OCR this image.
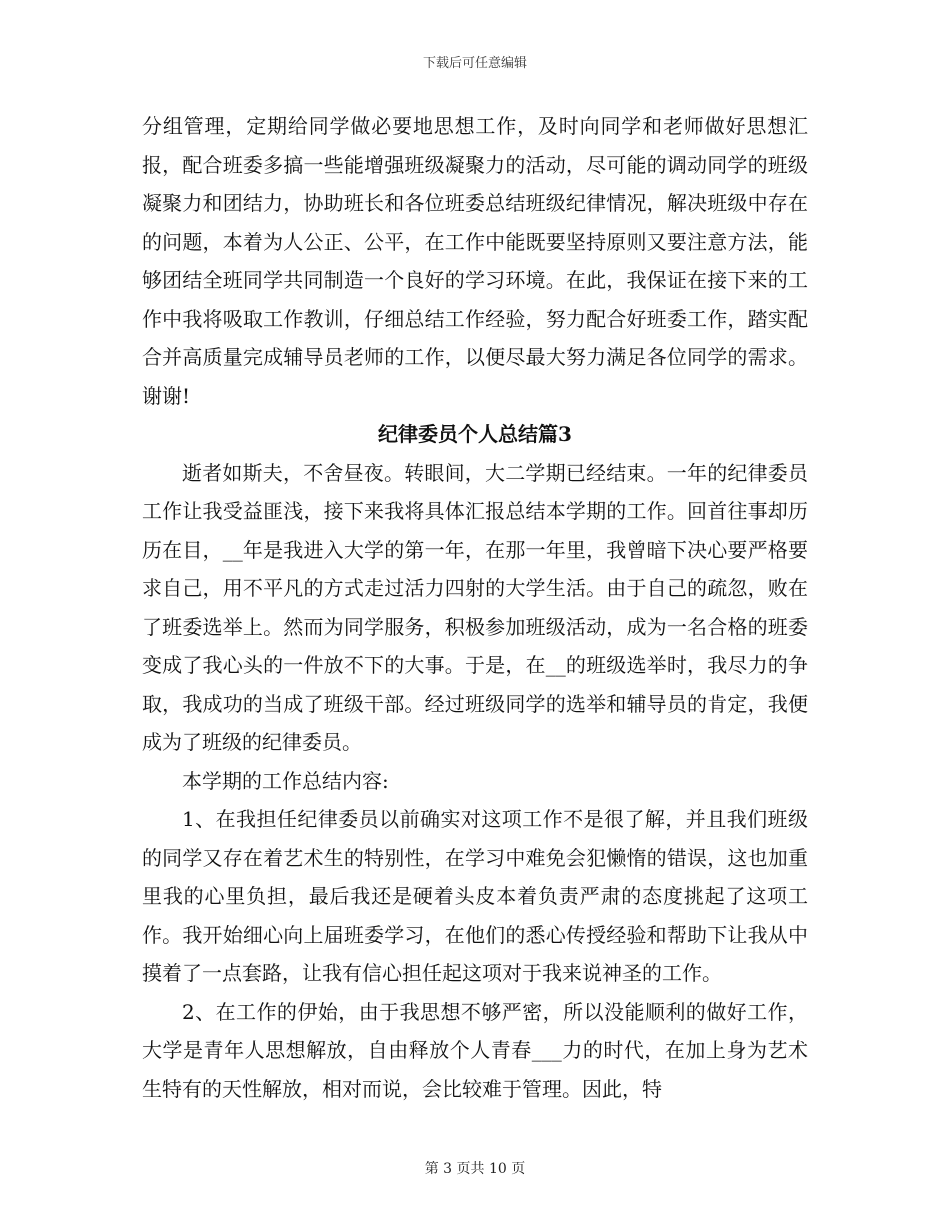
下载后可任意编辑

分组管理，定期给同学做必要地思想工作，及时向同学和老师做好思想汇报，配合班委多搞一些能增强班级凝聚力的活动，尽可能的调动同学的班级凝聚力和团结力，协助班长和各位班委总结班级纪律情况，解决班级中存在的问题，本着为人公正、公平，在工作中能既要坚持原则又要注意方法，能够团结全班同学共同制造一个良好的学习环境。在此，我保证在接下来的工作中我将吸取工作教训，仔细总结工作经验，努力配合好班委工作，踏实配合并高质量完成辅导员老师的工作，以便尽最大努力满足各位同学的需求。谢谢!

纪律委员个人总结篇3

逝者如斯夫，不舍昼夜。转眼间，大二学期已经结束。一年的纪律委员工作让我受益匪浅，接下来我将具体汇报总结本学期的工作。回首往事却历历在目，__年是我进入大学的第一年，在那一年里，我曾暗下决心要严格要求自己，用不平凡的方式走过活力四射的大学生活。由于自己的疏忽，败在了班委选举上。然而为同学服务，积极参加班级活动，成为一名合格的班委变成了我心头的一件放不下的大事。于是，在__的班级选举时，我尽力的争取，我成功的当成了班级干部。经过班级同学的选举和辅导员的肯定，我便成为了班级的纪律委员。

本学期的工作总结内容:

1、在我担任纪律委员以前确实对这项工作不是很了解，并且我们班级的同学又存在着艺术生的特别性，在学习中难免会犯懒惰的错误，这也加重里我的心里负担，最后我还是硬着头皮本着负责严肃的态度挑起了这项工作。我开始细心向上届班委学习，在他们的悉心传授经验和帮助下让我从中摸着了一点套路，让我有信心担任起这项对于我来说神圣的工作。

2、在工作的伊始，由于我思想不够严密，所以没能顺利的做好工作，大学是青年人思想解放，自由释放个人青春___力的时代，在加上身为艺术生特有的天性解放，相对而说，会比较难于管理。因此，特

第 3 页共 10 页
